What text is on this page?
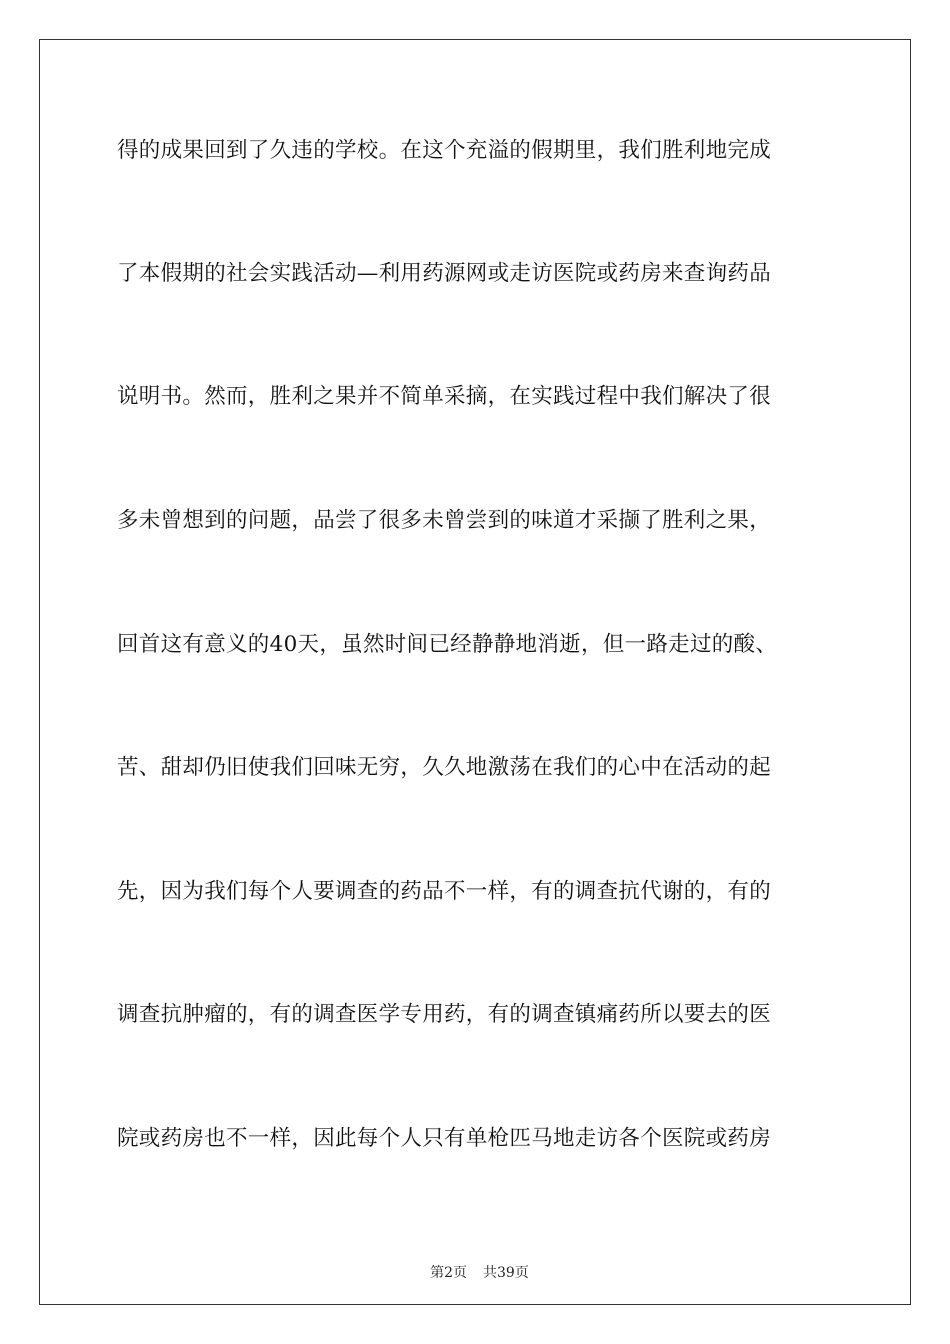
得的成果回到了久违的学校。在这个充溢的假期里，我们胜利地完成
了本假期的社会实践活动—利用药源网或走访医院或药房来查询药品
说明书。然而，胜利之果并不简单采摘，在实践过程中我们解决了很
多未曾想到的问题，品尝了很多未曾尝到的味道才采撷了胜利之果，
回首这有意义的40天，虽然时间已经静静地消逝，但一路走过的酸、
苦、甜却仍旧使我们回味无穷，久久地激荡在我们的心中在活动的起
先，因为我们每个人要调查的药品不一样，有的调查抗代谢的，有的
调查抗肿瘤的，有的调查医学专用药，有的调查镇痛药所以要去的医
院或药房也不一样，因此每个人只有单枪匹马地走访各个医院或药房

第2页 共39页
